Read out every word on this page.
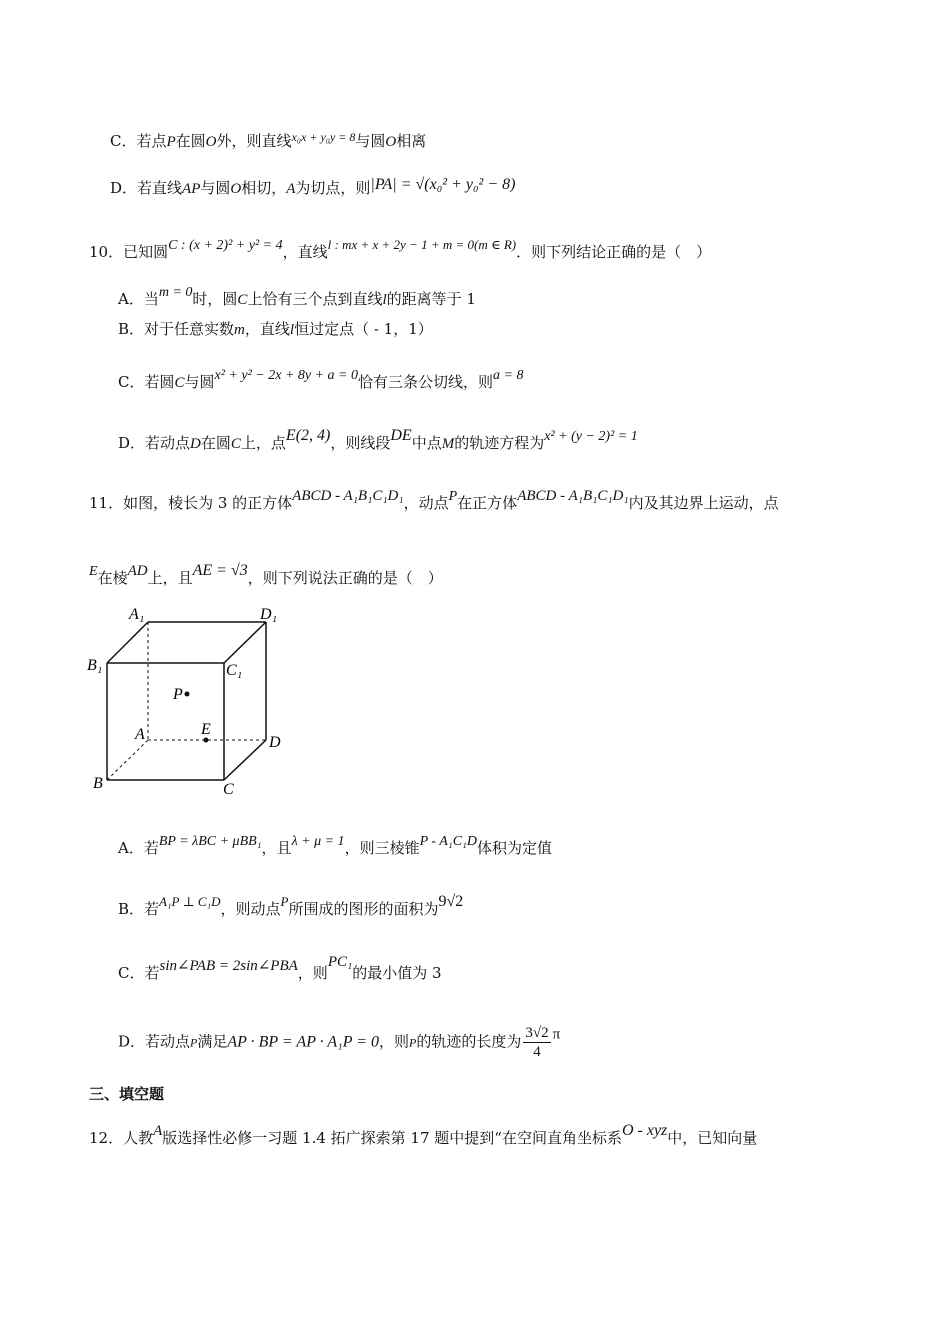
C．若点P在圆O外，则直线$^{x_0x + y_0y = 8}$与圆O相离
D．若直线AP与圆O相切，A为切点，则|PA| = √(x₀² + y₀² − 8)
10．已知圆C : (x + 2)² + y² = 4，直线l : mx + x + 2y − 1 + m = 0(m ∈ R)．则下列结论正确的是（　）
A．当m = 0时，圆C上恰有三个点到直线l的距离等于 1
B．对于任意实数m，直线l恒过定点（ - 1，1）
C．若圆C与圆x² + y² − 2x + 8y + a = 0恰有三条公切线，则a = 8
D．若动点D在圆C上，点E(2, 4)，则线段DE中点M的轨迹方程为x² + (y − 2)² = 1
11．如图，棱长为 3 的正方体ABCD - A₁B₁C₁D₁，动点P在正方体ABCD - A₁B₁C₁D₁内及其边界上运动，点
E在棱AD上，且AE = √3，则下列说法正确的是（　）
A₁	D₁
B₁	C₁
P
E
A	D
B	C
A．若BP = λBC + μBB₁，且λ + μ = 1，则三棱锥P - A₁C₁D体积为定值
B．若A₁P ⊥ C₁D，则动点P所围成的图形的面积为9√2
C．若sin∠PAB = 2sin∠PBA，则PC₁的最小值为 3
D．若动点P满足AP · BP = AP · A₁P = 0，则P的轨迹的长度为 $\frac{3√2}{4}$ π
三、填空题
12．人教A版选择性必修一习题 1.4 拓广探索第 17 题中提到“在空间直角坐标系O - xyz中，已知向量
